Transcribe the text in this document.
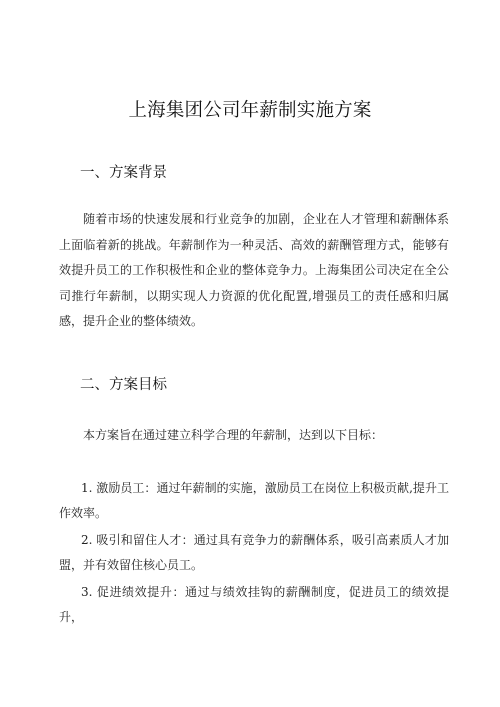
上海集团公司年薪制实施方案
一、方案背景

随着市场的快速发展和行业竞争的加剧，企业在人才管理和薪酬体系上面临着新的挑战。年薪制作为一种灵活、高效的薪酬管理方式，能够有效提升员工的工作积极性和企业的整体竞争力。上海集团公司决定在全公司推行年薪制，以期实现人力资源的优化配置,增强员工的责任感和归属感，提升企业的整体绩效。

二、方案目标

本方案旨在通过建立科学合理的年薪制，达到以下目标：

1. 激励员工：通过年薪制的实施，激励员工在岗位上积极贡献,提升工作效率。

2. 吸引和留住人才：通过具有竞争力的薪酬体系，吸引高素质人才加盟，并有效留住核心员工。

3. 促进绩效提升：通过与绩效挂钩的薪酬制度，促进员工的绩效提升，
